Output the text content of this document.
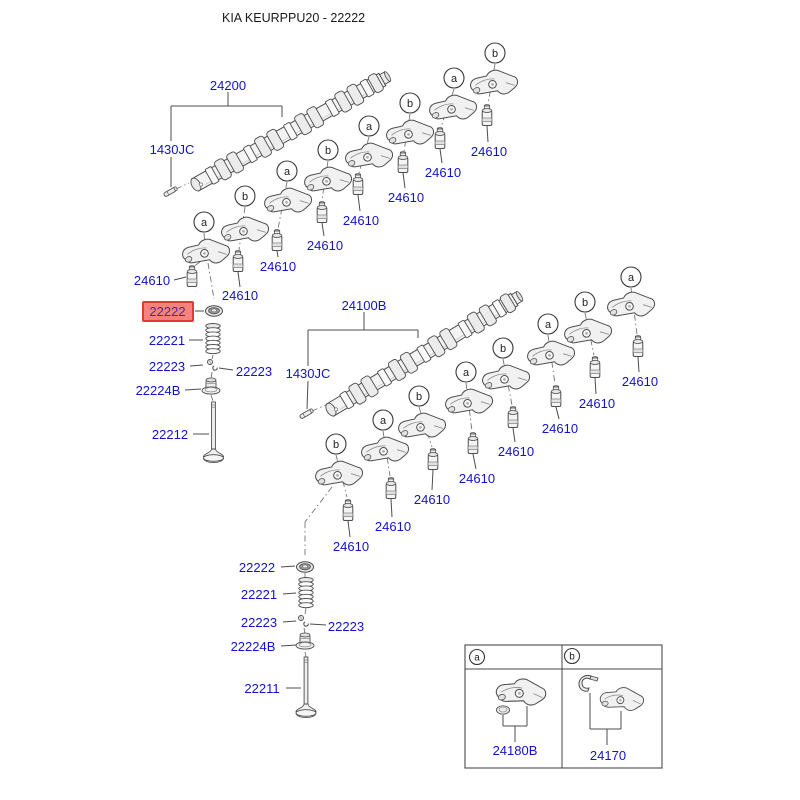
a
24610
b
24610
a
24610
b
24610
a
24610
b
24610
a
24610
b
24610
22222
22221
22223	22223
22224B
22212
24200
1430JC
b
24610
a
24610
b
24610
a
24610
b
24610
a
24610
b
24610
a
24610
22222
22221
22223	22223
22224B
22211
24100B
1430JC
a
24180B
b
24170
KIA KEURPPU20 - 22222
